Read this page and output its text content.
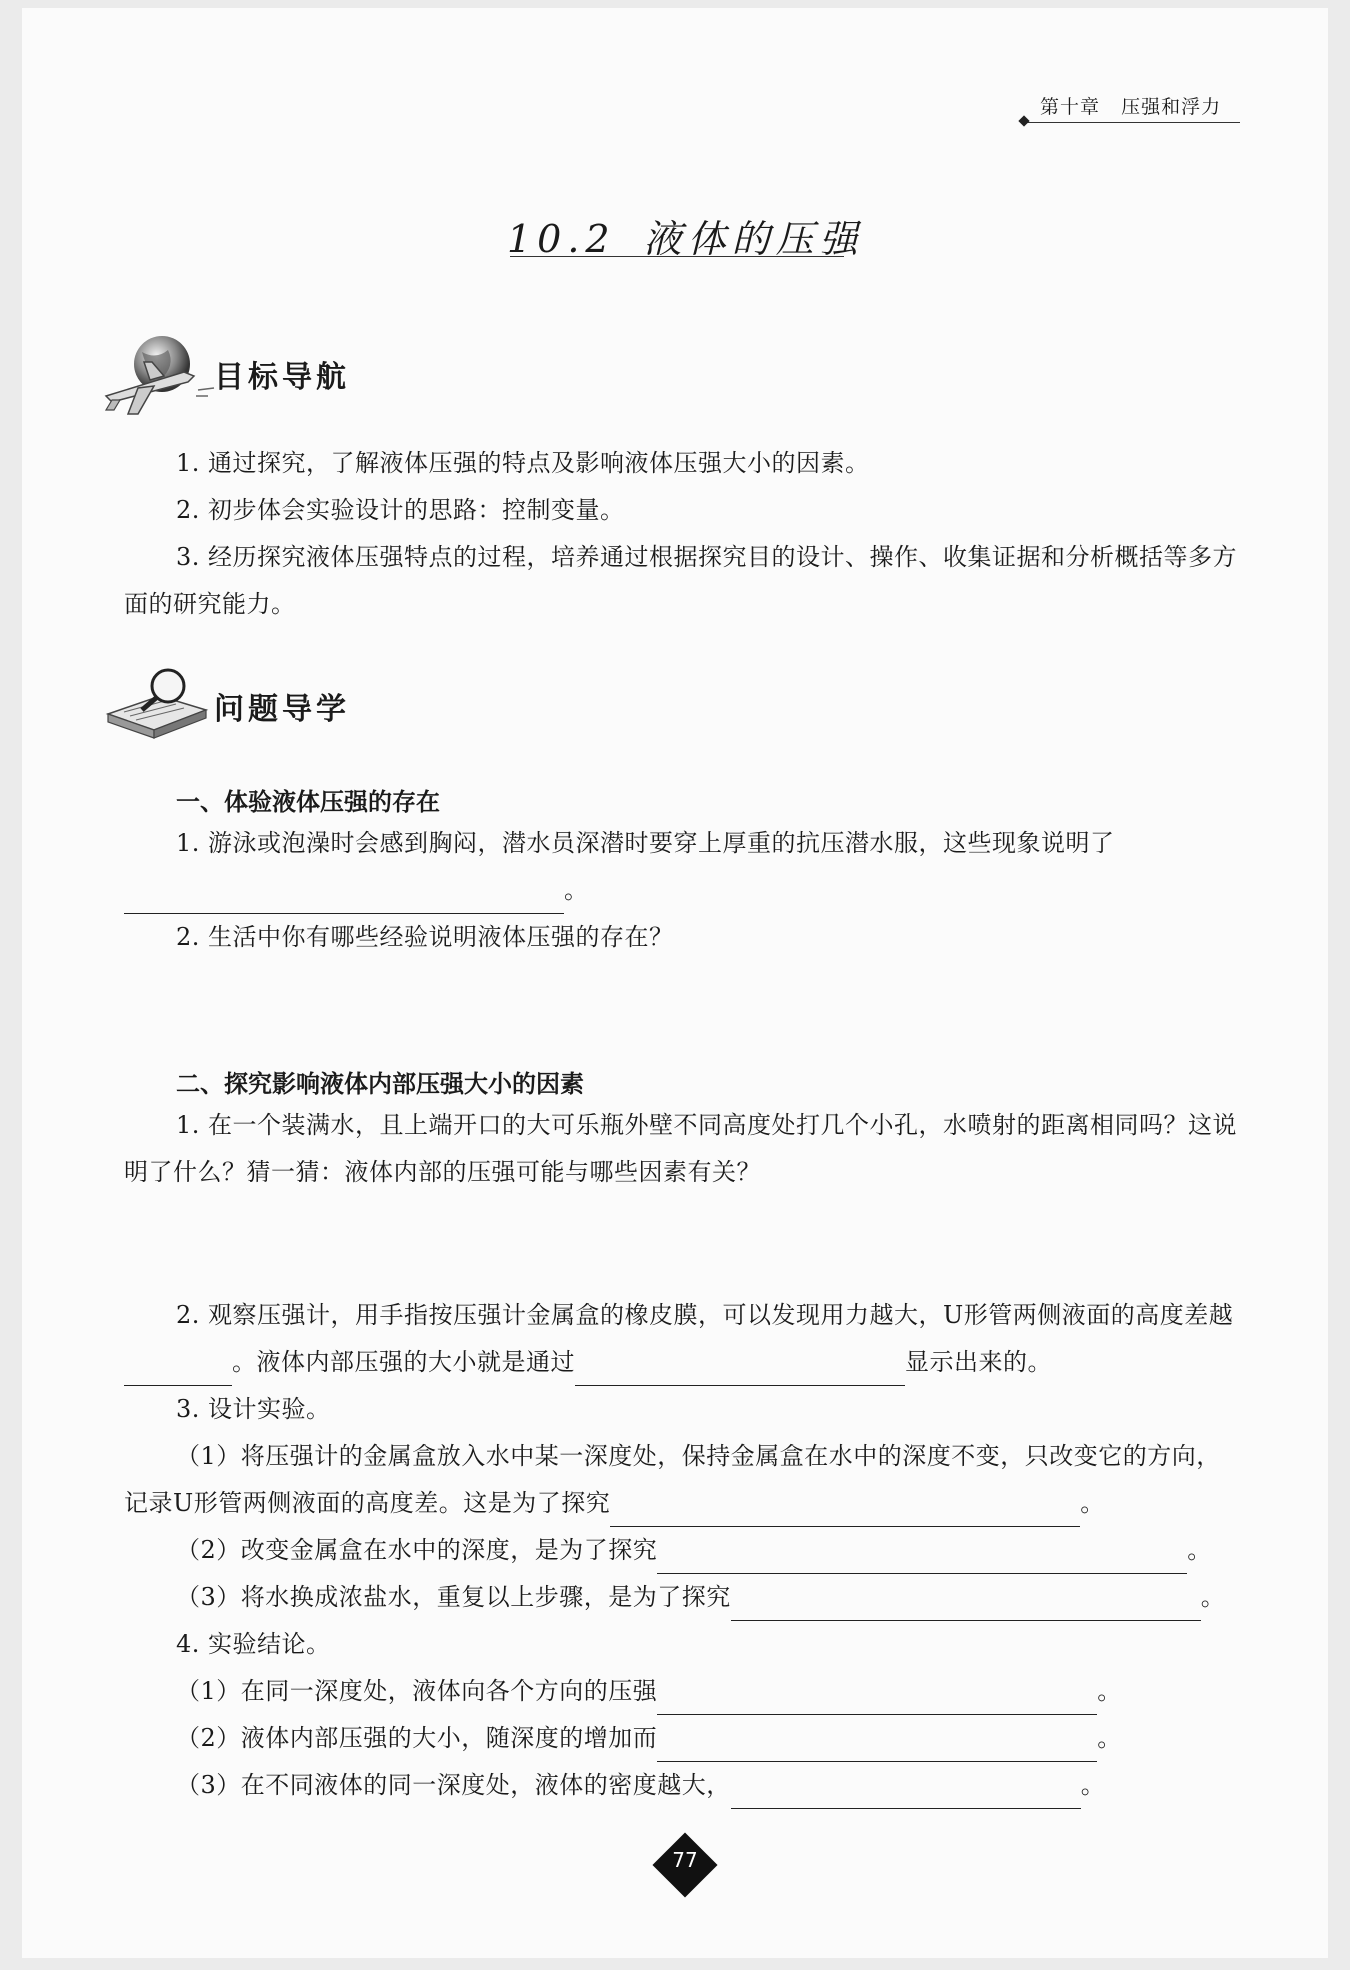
第十章 压强和浮力
10.2 液体的压强
目标导航
1. 通过探究，了解液体压强的特点及影响液体压强大小的因素。
2. 初步体会实验设计的思路：控制变量。
3. 经历探究液体压强特点的过程，培养通过根据探究目的设计、操作、收集证据和分析概括等多方面的研究能力。
问题导学
一、体验液体压强的存在
1. 游泳或泡澡时会感到胸闷，潜水员深潜时要穿上厚重的抗压潜水服，这些现象说明了。
2. 生活中你有哪些经验说明液体压强的存在？
二、探究影响液体内部压强大小的因素
1. 在一个装满水，且上端开口的大可乐瓶外壁不同高度处打几个小孔，水喷射的距离相同吗？这说明了什么？猜一猜：液体内部的压强可能与哪些因素有关？
2. 观察压强计，用手指按压强计金属盒的橡皮膜，可以发现用力越大，U形管两侧液面的高度差越。液体内部压强的大小就是通过	显示出来的。
3. 设计实验。
（1）将压强计的金属盒放入水中某一深度处，保持金属盒在水中的深度不变，只改变它的方向，记录U形管两侧液面的高度差。这是为了探究	。
（2）改变金属盒在水中的深度，是为了探究	。
（3）将水换成浓盐水，重复以上步骤，是为了探究	。
4. 实验结论。
（1）在同一深度处，液体向各个方向的压强	。
（2）液体内部压强的大小，随深度的增加而	。
（3）在不同液体的同一深度处，液体的密度越大，	。
77
